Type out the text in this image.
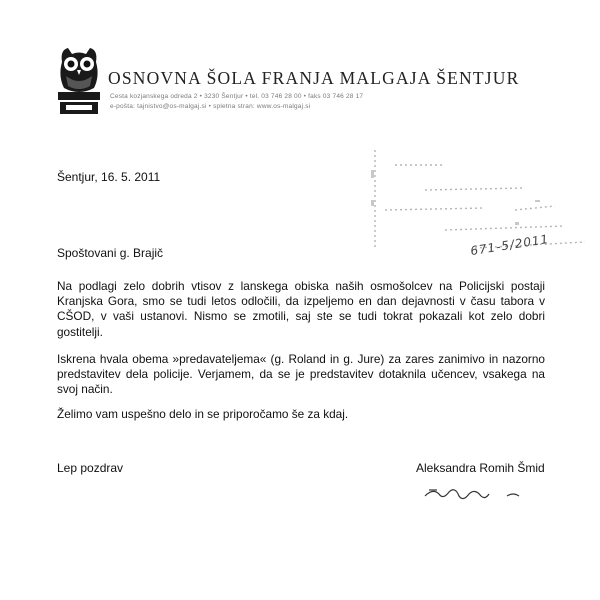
OSNOVNA ŠOLA FRANJA MALGAJA ŠENTJUR
Cesta kozjanskega odreda 2 • 3230 Šentjur • tel. 03 746 28 00 • faks 03 746 28 17
e-pošta: tajnistvo@os-malgaj.si • spletna stran: www.os-malgaj.si
671-5/2011
Šentjur, 16. 5. 2011
Spoštovani g. Brajič

Na podlagi zelo dobrih vtisov z lanskega obiska naših osmošolcev na Policijski postaji Kranjska Gora, smo se tudi letos odločili, da izpeljemo en dan dejavnosti v času tabora v CŠOD, v vaši ustanovi. Nismo se zmotili, saj ste se tudi tokrat pokazali kot zelo dobri gostitelji.

Iskrena hvala obema »predavateljema« (g. Roland in g. Jure) za zares zanimivo in nazorno predstavitev dela policije. Verjamem, da se je predstavitev dotaknila učencev, vsakega na svoj način.

Želimo vam uspešno delo in se priporočamo še za kdaj.

Lep pozdrav	Aleksandra Romih Šmid
